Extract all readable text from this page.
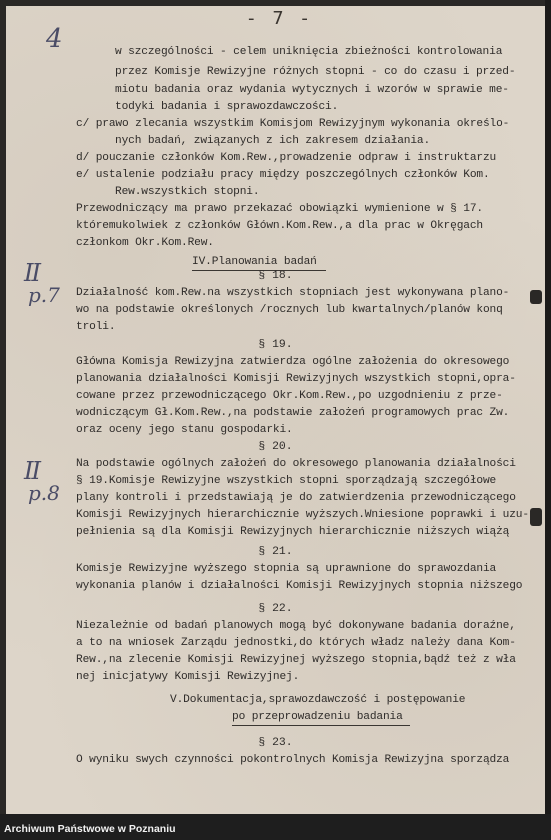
- 7 -
4
II
p.7
II
p.8
w szczególności - celem uniknięcia zbieżności kontrolowania
przez Komisje Rewizyjne różnych stopni - co do czasu i przed-
miotu badania oraz wydania wytycznych i wzorów w sprawie me-
todyki badania i sprawozdawczości.
c/ prawo zlecania wszystkim Komisjom Rewizyjnym wykonania określo-
nych badań, związanych z ich zakresem działania.
d/ pouczanie członków Kom.Rew.,prowadzenie odpraw i instruktarzu
e/ ustalenie podziału pracy między poszczególnych członków Kom.
Rew.wszystkich stopni.
Przewodniczący ma prawo przekazać obowiązki wymienione w § 17.
któremukolwiek z członków Główn.Kom.Rew.,a dla prac w Okręgach
członkom Okr.Kom.Rew.
IV.Planowania badań
§ 18.
Działalność kom.Rew.na wszystkich stopniach jest wykonywana plano-
wo na podstawie określonych /rocznych lub kwartalnych/planów konq
troli.
§ 19.
Główna Komisja Rewizyjna zatwierdza ogólne założenia do okresowego
planowania działalności Komisji Rewizyjnych wszystkich stopni,opra-
cowane przez przewodniczącego Okr.Kom.Rew.,po uzgodnieniu z prze-
wodniczącym Gł.Kom.Rew.,na podstawie założeń programowych prac Zw.
oraz oceny jego stanu gospodarki.
§ 20.
Na podstawie ogólnych założeń do okresowego planowania działalności
§ 19.Komisje Rewizyjne wszystkich stopni sporządzają szczegółowe
plany kontroli i przedstawiają je do zatwierdzenia przewodniczącego
Komisji Rewizyjnych hierarchicznie wyższych.Wniesione poprawki i uzu-
pełnienia są dla Komisji Rewizyjnych hierarchicznie niższych wiążą
§ 21.
Komisje Rewizyjne wyższego stopnia są uprawnione do sprawozdania
wykonania planów i działalności Komisji Rewizyjnych stopnia niższego
§ 22.
Niezależnie od badań planowych mogą być dokonywane badania doraźne,
a to na wniosek Zarządu jednostki,do których władz należy dana Kom-
Rew.,na zlecenie Komisji Rewizyjnej wyższego stopnia,bądź też z wła
nej inicjatywy Komisji Rewizyjnej.
V.Dokumentacja,sprawozdawczość i postępowanie
po przeprowadzeniu badania
§ 23.
O wyniku swych czynności pokontrolnych Komisja Rewizyjna sporządza
Archiwum Państwowe w Poznaniu
